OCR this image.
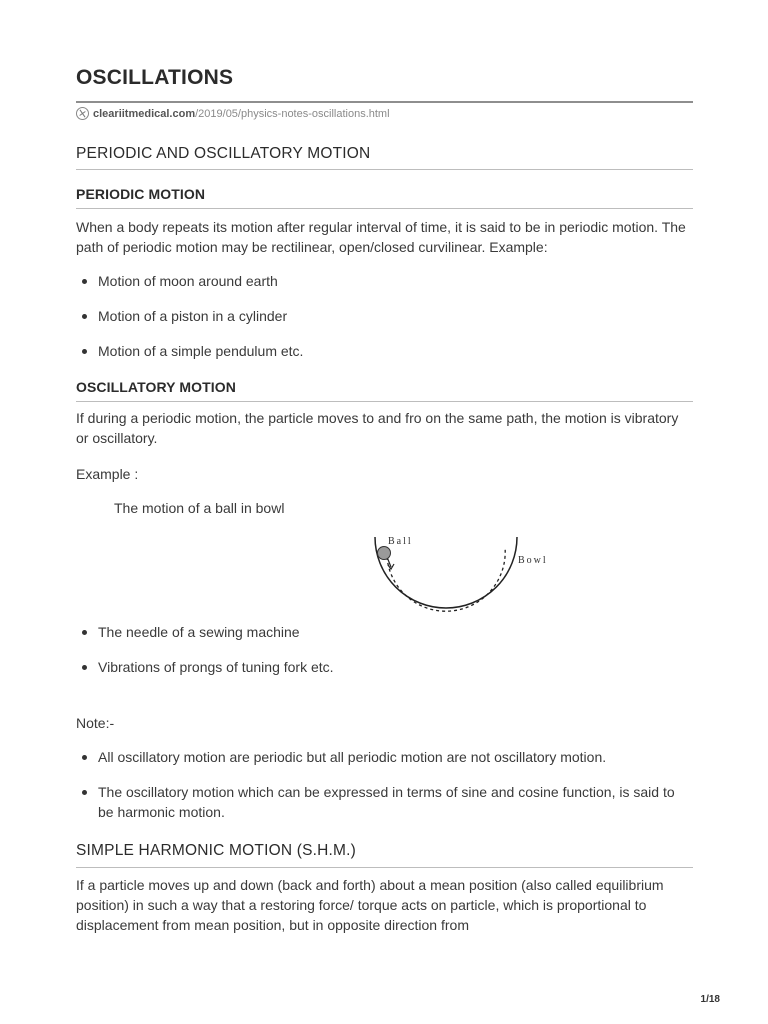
OSCILLATIONS
cleariitmedical.com/2019/05/physics-notes-oscillations.html
PERIODIC AND OSCILLATORY MOTION
PERIODIC MOTION

When a body repeats its motion after regular interval of time, it is said to be in periodic motion. The path of periodic motion may be rectilinear, open/closed curvilinear. Example:

Motion of moon around earth
Motion of a piston in a cylinder
Motion of a simple pendulum etc.
OSCILLATORY MOTION

If during a periodic motion, the particle moves to and fro on the same path, the motion is vibratory or oscillatory.

Example :

The motion of a ball in bowl
Ball
Bowl
The needle of a sewing machine
Vibrations of prongs of tuning fork etc.

Note:-

All oscillatory motion are periodic but all periodic motion are not oscillatory motion.
The oscillatory motion which can be expressed in terms of sine and cosine function, is said to be harmonic motion.
SIMPLE HARMONIC MOTION (S.H.M.)

If a particle moves up and down (back and forth) about a mean position (also called equilibrium position) in such a way that a restoring force/ torque acts on particle, which is proportional to displacement from mean position, but in opposite direction from

1/18
